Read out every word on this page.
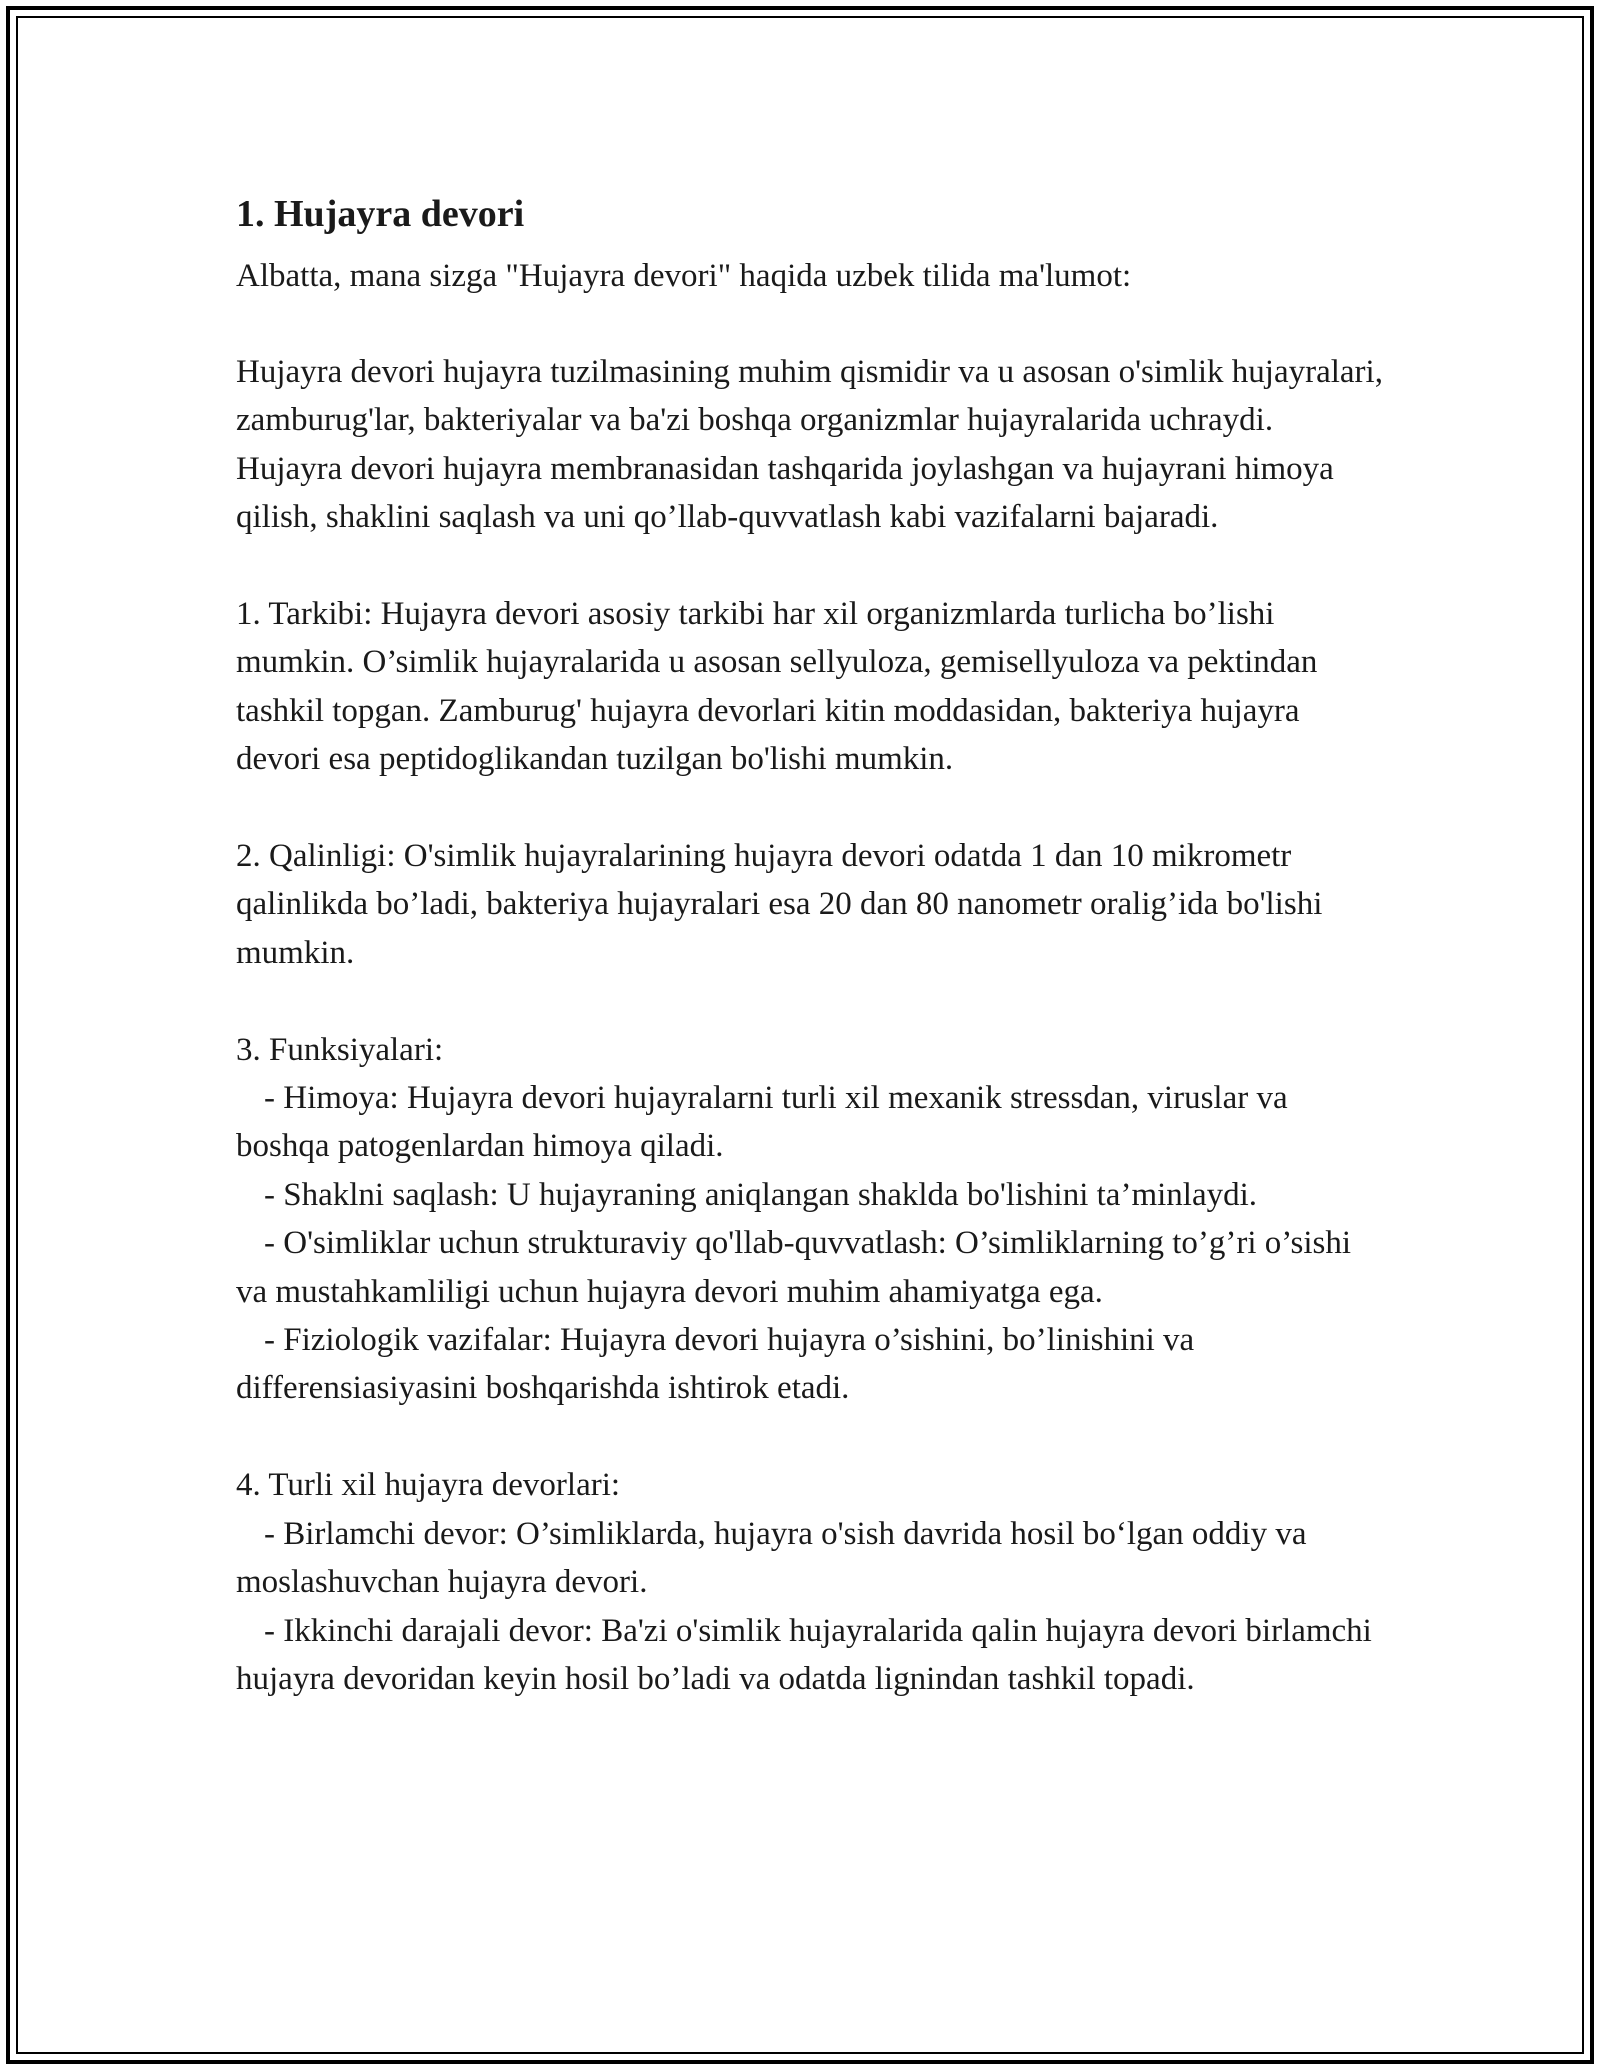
1. Hujayra devori

Albatta, mana sizga "Hujayra devori" haqida uzbek tilida ma'lumot:

Hujayra devori hujayra tuzilmasining muhim qismidir va u asosan o'simlik hujayralari, zamburug'lar, bakteriyalar va ba'zi boshqa organizmlar hujayralarida uchraydi. Hujayra devori hujayra membranasidan tashqarida joylashgan va hujayrani himoya qilish, shaklini saqlash va uni qo’llab-quvvatlash kabi vazifalarni bajaradi.

1. Tarkibi: Hujayra devori asosiy tarkibi har xil organizmlarda turlicha bo’lishi mumkin. O’simlik hujayralarida u asosan sellyuloza, gemisellyuloza va pektindan tashkil topgan. Zamburug' hujayra devorlari kitin moddasidan, bakteriya hujayra devori esa peptidoglikandan tuzilgan bo'lishi mumkin.

2. Qalinligi: O'simlik hujayralarining hujayra devori odatda 1 dan 10 mikrometr qalinlikda bo’ladi, bakteriya hujayralari esa 20 dan 80 nanometr oralig’ida bo'lishi mumkin.

3. Funksiyalari:

- Himoya: Hujayra devori hujayralarni turli xil mexanik stressdan, viruslar va boshqa patogenlardan himoya qiladi.

- Shaklni saqlash: U hujayraning aniqlangan shaklda bo'lishini ta’minlaydi.

- O'simliklar uchun strukturaviy qo'llab-quvvatlash: O’simliklarning to’g’ri o’sishi va mustahkamliligi uchun hujayra devori muhim ahamiyatga ega.

- Fiziologik vazifalar: Hujayra devori hujayra o’sishini, bo’linishini va differensiasiyasini boshqarishda ishtirok etadi.

4. Turli xil hujayra devorlari:

- Birlamchi devor: O’simliklarda, hujayra o'sish davrida hosil bo‘lgan oddiy va moslashuvchan hujayra devori.

- Ikkinchi darajali devor: Ba'zi o'simlik hujayralarida qalin hujayra devori birlamchi hujayra devoridan keyin hosil bo’ladi va odatda lignindan tashkil topadi.
